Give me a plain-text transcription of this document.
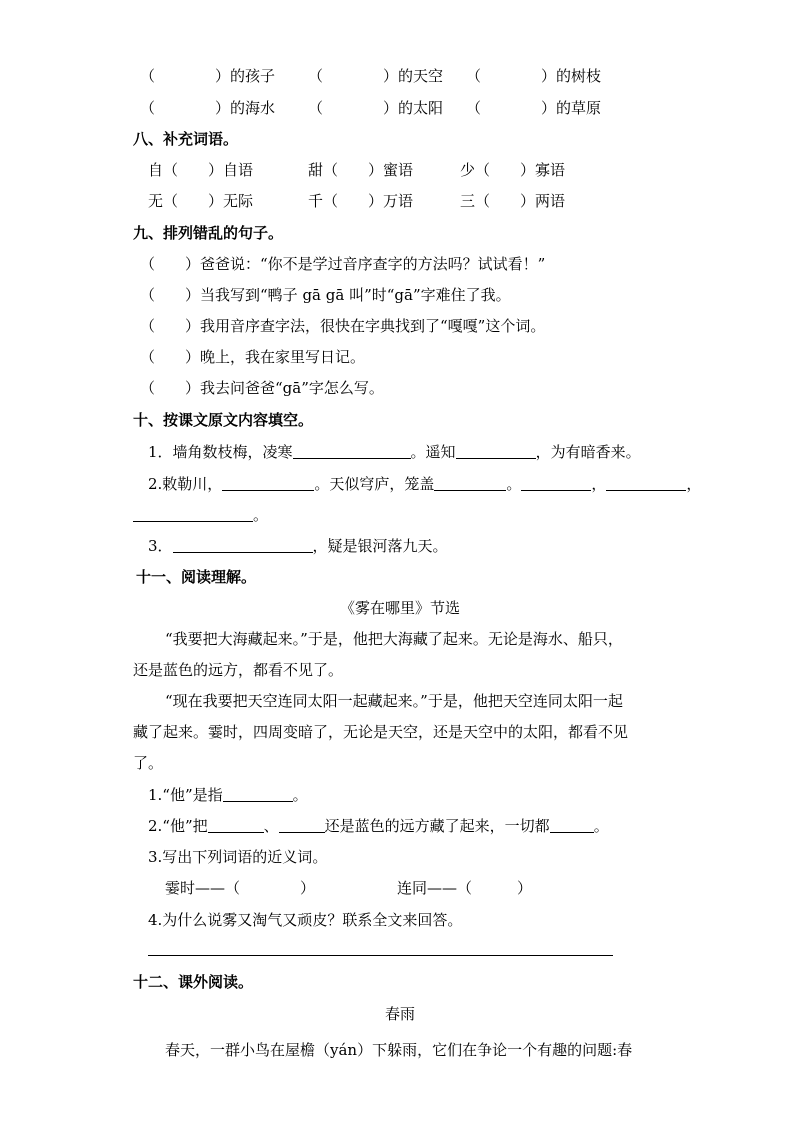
（　　　　）的孩子 （　　　　）的天空 （　　　　）的树枝
（　　　　）的海水 （　　　　）的太阳 （　　　　）的草原
八、补充词语。
自（　　）自语	甜（　　）蜜语	少（　　）寡语
无（　　）无际	千（　　）万语	三（　　）两语
九、排列错乱的句子。
（　　）爸爸说：“你不是学过音序查字的方法吗？试试看！”
（　　）当我写到“鸭子 gā gā 叫”时“gā”字难住了我。
（　　）我用音序查字法，很快在字典找到了“嘎嘎”这个词。
（　　）晚上，我在家里写日记。
（　　）我去问爸爸“gā”字怎么写。
十、按课文原文内容填空。
1．墙角数枝梅，凌寒	。遥知	，为有暗香来。
2.敕勒川，	。天似穹庐，笼盖	。	，	，
。
3．	，疑是银河落九天。
十一、阅读理解。
《雾在哪里》节选
“我要把大海藏起来。”于是，他把大海藏了起来。无论是海水、船只，
还是蓝色的远方，都看不见了。
“现在我要把天空连同太阳一起藏起来。”于是，他把天空连同太阳一起
藏了起来。霎时，四周变暗了，无论是天空，还是天空中的太阳，都看不见
了。
1.“他”是指	。
2.“他”把	、	还是蓝色的远方藏了起来，一切都	。
3.写出下列词语的近义词。
霎时——（　　　　）	连同——（　　　）
4.为什么说雾又淘气又顽皮？联系全文来回答。
十二、课外阅读。
春雨
春天，一群小鸟在屋檐（yán）下躲雨，它们在争论一个有趣的问题:春
